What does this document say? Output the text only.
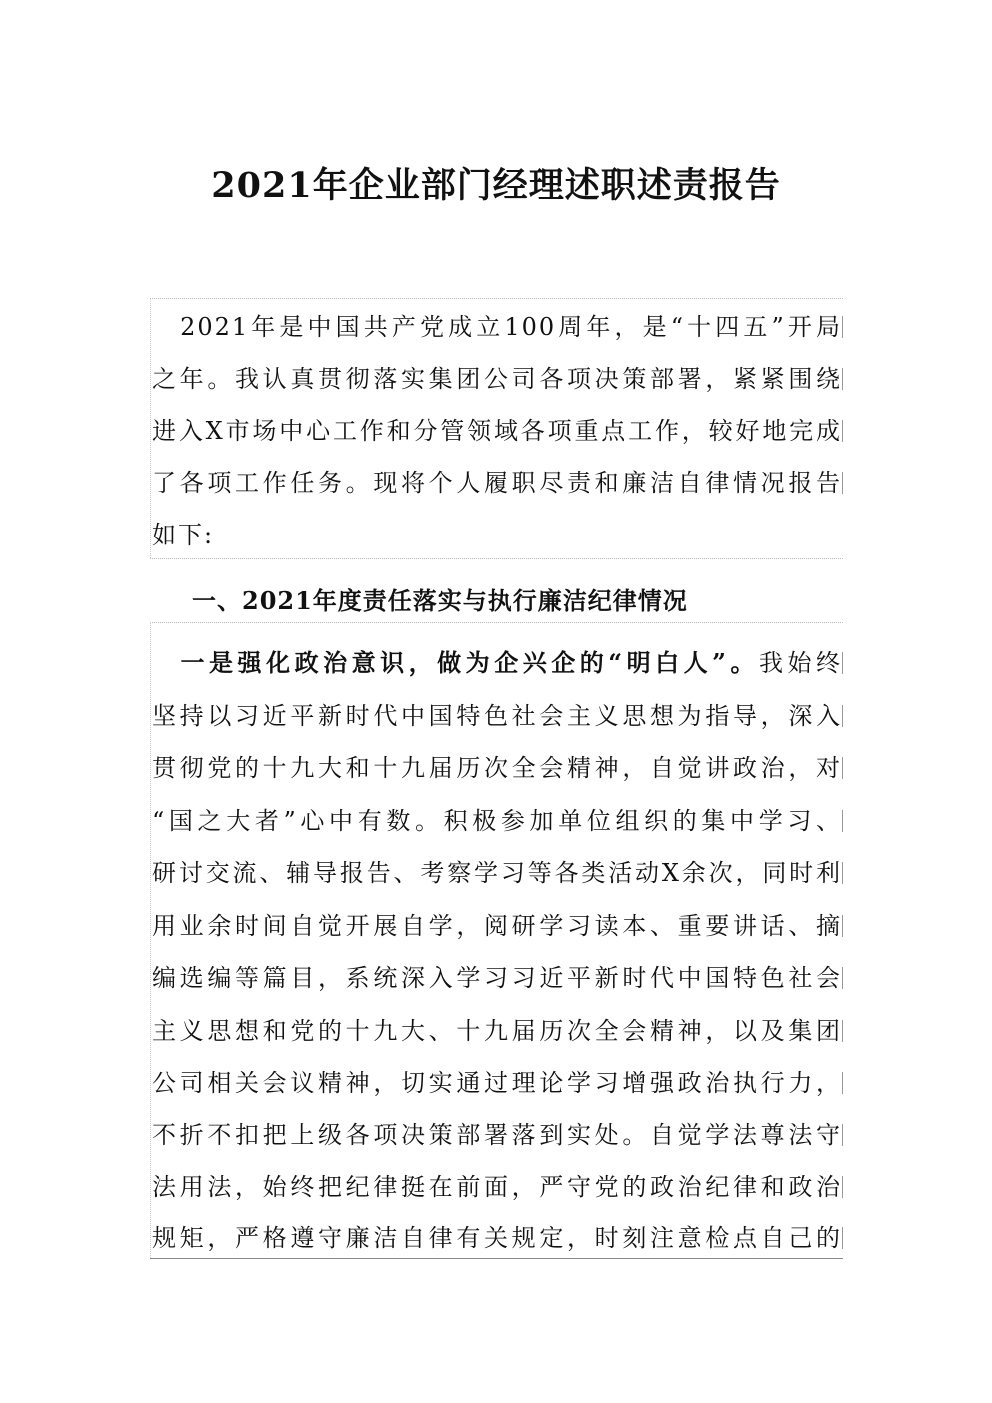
2021年企业部门经理述职述责报告
　2021年是中国共产党成立100周年，是“十四五”开局
之年。我认真贯彻落实集团公司各项决策部署，紧紧围绕
进入X市场中心工作和分管领域各项重点工作，较好地完成
了各项工作任务。现将个人履职尽责和廉洁自律情况报告
如下:
一、2021年度责任落实与执行廉洁纪律情况
　一是强化政治意识，做为企兴企的“明白人”。我始终
坚持以习近平新时代中国特色社会主义思想为指导，深入
贯彻党的十九大和十九届历次全会精神，自觉讲政治，对
“国之大者”心中有数。积极参加单位组织的集中学习、
研讨交流、辅导报告、考察学习等各类活动X余次，同时利
用业余时间自觉开展自学，阅研学习读本、重要讲话、摘
编选编等篇目，系统深入学习习近平新时代中国特色社会
主义思想和党的十九大、十九届历次全会精神，以及集团
公司相关会议精神，切实通过理论学习增强政治执行力，
不折不扣把上级各项决策部署落到实处。自觉学法尊法守
法用法，始终把纪律挺在前面，严守党的政治纪律和政治
规矩，严格遵守廉洁自律有关规定，时刻注意检点自己的
